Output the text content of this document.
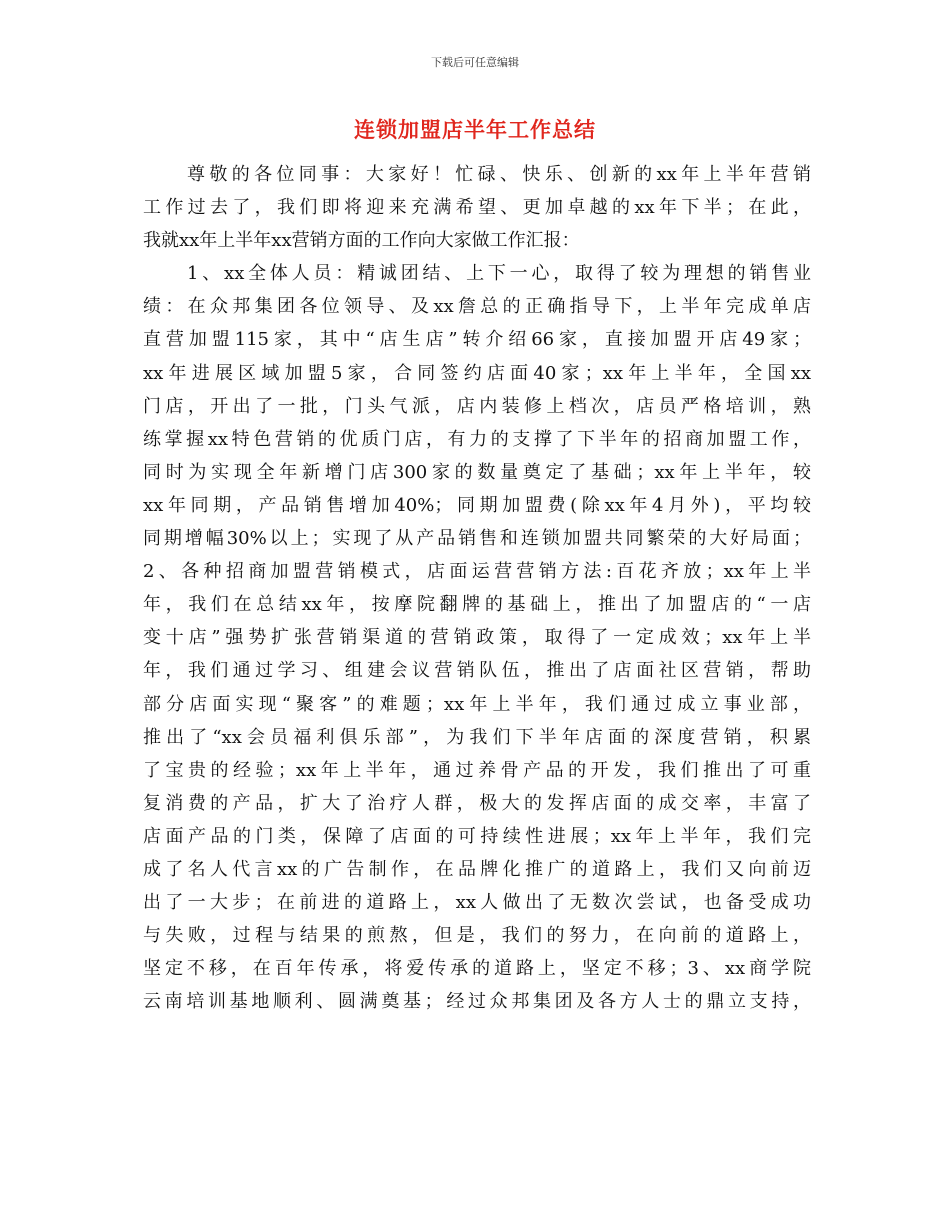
下载后可任意编辑
连锁加盟店半年工作总结
尊敬的各位同事：大家好！忙碌、快乐、创新的xx年上半年营销
工作过去了，我们即将迎来充满希望、更加卓越的xx年下半；在此，
我就xx年上半年xx营销方面的工作向大家做工作汇报：
1、xx全体人员：精诚团结、上下一心，取得了较为理想的销售业
绩：在众邦集团各位领导、及xx詹总的正确指导下，上半年完成单店
直营加盟115家，其中“店生店”转介绍66家，直接加盟开店49家；
xx年进展区域加盟5家，合同签约店面40家；xx年上半年，全国xx
门店，开出了一批，门头气派，店内装修上档次，店员严格培训，熟
练掌握xx特色营销的优质门店，有力的支撑了下半年的招商加盟工作，
同时为实现全年新增门店300家的数量奠定了基础；xx年上半年，较
xx年同期，产品销售增加40%；同期加盟费(除xx年4月外)，平均较
同期增幅30%以上；实现了从产品销售和连锁加盟共同繁荣的大好局面；
2、各种招商加盟营销模式，店面运营营销方法:百花齐放；xx年上半
年，我们在总结xx年，按摩院翻牌的基础上，推出了加盟店的“一店
变十店”强势扩张营销渠道的营销政策，取得了一定成效；xx年上半
年，我们通过学习、组建会议营销队伍，推出了店面社区营销，帮助
部分店面实现“聚客”的难题；xx年上半年，我们通过成立事业部，
推出了“xx会员福利俱乐部”，为我们下半年店面的深度营销，积累
了宝贵的经验；xx年上半年，通过养骨产品的开发，我们推出了可重
复消费的产品，扩大了治疗人群，极大的发挥店面的成交率，丰富了
店面产品的门类，保障了店面的可持续性进展；xx年上半年，我们完
成了名人代言xx的广告制作，在品牌化推广的道路上，我们又向前迈
出了一大步；在前进的道路上，xx人做出了无数次尝试，也备受成功
与失败，过程与结果的煎熬，但是，我们的努力，在向前的道路上，
坚定不移，在百年传承，将爱传承的道路上，坚定不移；3、xx商学院
云南培训基地顺利、圆满奠基；经过众邦集团及各方人士的鼎立支持，
